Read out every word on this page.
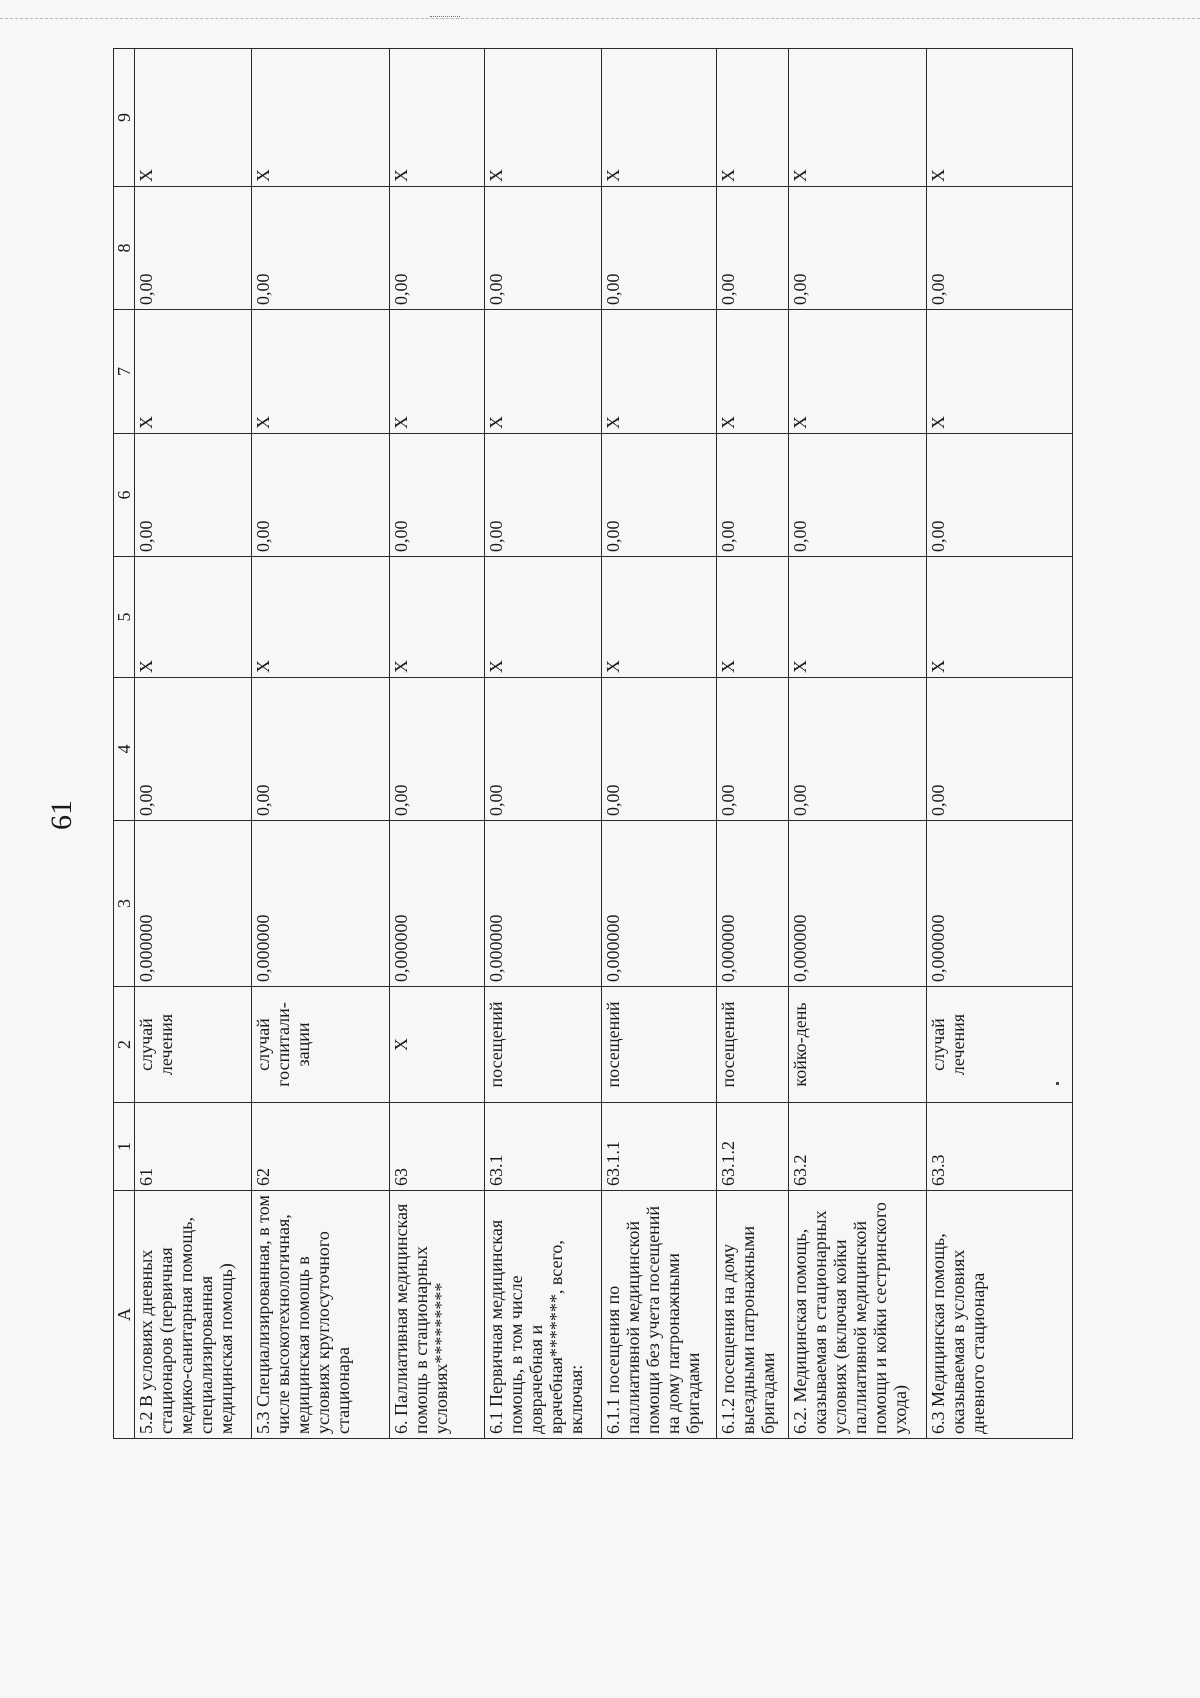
61
A	1	2	3	4	5	6	7	8	9
5.2 В условиях дневных стационаров (первичная медико-санитарная помощь, специализированная медицинская помощь)	61	случай лечения	0,000000	0,00	Х	0,00	Х	0,00	Х
5.3 Специализированная, в том числе высокотехнологичная, медицинская помощь в условиях круглосуточного стационара	62	случай госпитали-зации	0,000000	0,00	Х	0,00	Х	0,00	Х
6. Паллиативная медицинская помощь в стационарных условиях*********	63	Х	0,000000	0,00	Х	0,00	Х	0,00	Х
6.1 Первичная медицинская помощь, в том числе доврачебная и врачебная*******, всего, включая:	63.1	посещений	0,000000	0,00	Х	0,00	Х	0,00	Х
6.1.1 посещения по паллиативной медицинской помощи без учета посещений на дому патронажными бригадами	63.1.1	посещений	0,000000	0,00	Х	0,00	Х	0,00	Х
6.1.2 посещения на дому выездными патронажными бригадами	63.1.2	посещений	0,000000	0,00	Х	0,00	Х	0,00	Х
6.2. Медицинская помощь, оказываемая в стационарных условиях (включая койки паллиативной медицинской помощи и койки сестринского ухода)	63.2	койко-день	0,000000	0,00	Х	0,00	Х	0,00	Х
6.3 Медицинская помощь, оказываемая в условиях дневного стационара	63.3	случай лечения	0,000000	0,00	Х	0,00	Х	0,00	Х
